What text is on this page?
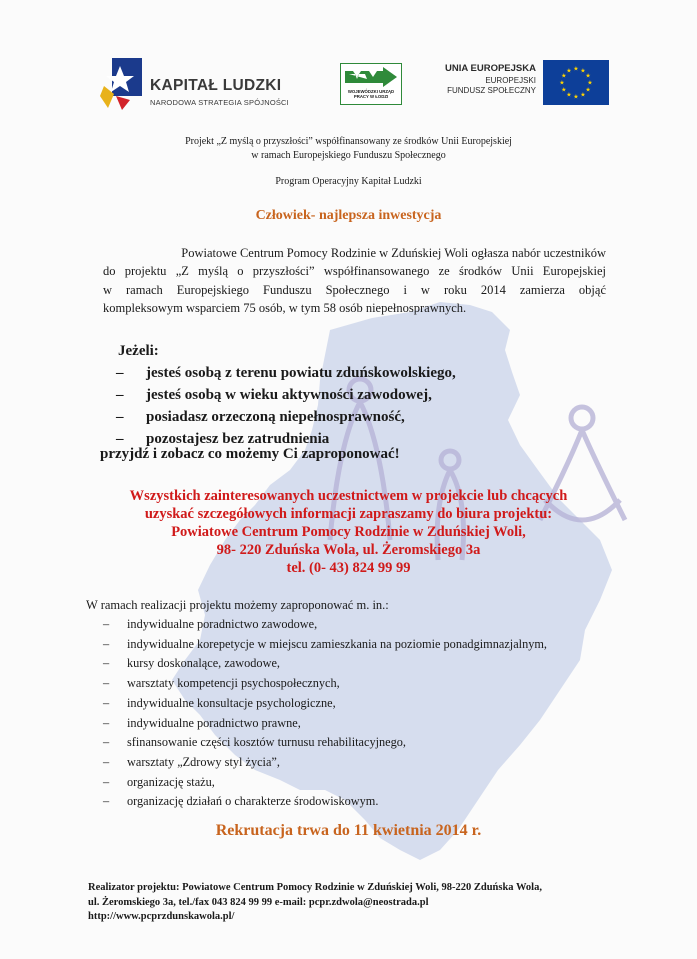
KAPITAŁ LUDZKI
NARODOWA STRATEGIA SPÓJNOŚCI
WOJEWÓDZKI URZĄD PRACY W ŁODZI
UNIA EUROPEJSKA
EUROPEJSKI
FUNDUSZ SPOŁECZNY
★ ★
★
★
★
★
★
★
★
★
★
★
Projekt „Z myślą o przyszłości” współfinansowany ze środków Unii Europejskiej
w ramach Europejskiego Funduszu Społecznego
Program Operacyjny Kapitał Ludzki
Człowiek- najlepsza inwestycja
Powiatowe Centrum Pomocy Rodzinie w Zduńskiej Woli ogłasza nabór uczestników
do projektu „Z myślą o przyszłości” współfinansowanego ze środków Unii Europejskiej
w ramach Europejskiego Funduszu Społecznego i w roku 2014 zamierza objąć
kompleksowym wsparciem 75 osób, w tym 58 osób niepełnosprawnych.
Jeżeli:
– jesteś osobą z terenu powiatu zduńskowolskiego,
– jesteś osobą w wieku aktywności zawodowej,
– posiadasz orzeczoną niepełnosprawność,
– pozostajesz bez zatrudnienia
przyjdź i zobacz co możemy Ci zaproponować!
Wszystkich zainteresowanych uczestnictwem w projekcie lub chcących
uzyskać szczegółowych informacji zapraszamy do biura projektu:
Powiatowe Centrum Pomocy Rodzinie w Zduńskiej Woli,
98- 220 Zduńska Wola, ul. Żeromskiego 3a
tel. (0- 43) 824 99 99
W ramach realizacji projektu możemy zaproponować m. in.:
– indywidualne poradnictwo zawodowe,
– indywidualne korepetycje w miejscu zamieszkania na poziomie ponadgimnazjalnym,
– kursy doskonalące, zawodowe,
– warsztaty kompetencji psychospołecznych,
– indywidualne konsultacje psychologiczne,
– indywidualne poradnictwo prawne,
– sfinansowanie części kosztów turnusu rehabilitacyjnego,
– warsztaty „Zdrowy styl życia”,
– organizację stażu,
– organizację działań o charakterze środowiskowym.
Rekrutacja trwa do 11 kwietnia 2014 r.
Realizator projektu: Powiatowe Centrum Pomocy Rodzinie w Zduńskiej Woli, 98-220 Zduńska Wola,
ul. Żeromskiego 3a, tel./fax 043 824 99 99 e-mail: pcpr.zdwola@neostrada.pl
http://www.pcprzdunskawola.pl/
